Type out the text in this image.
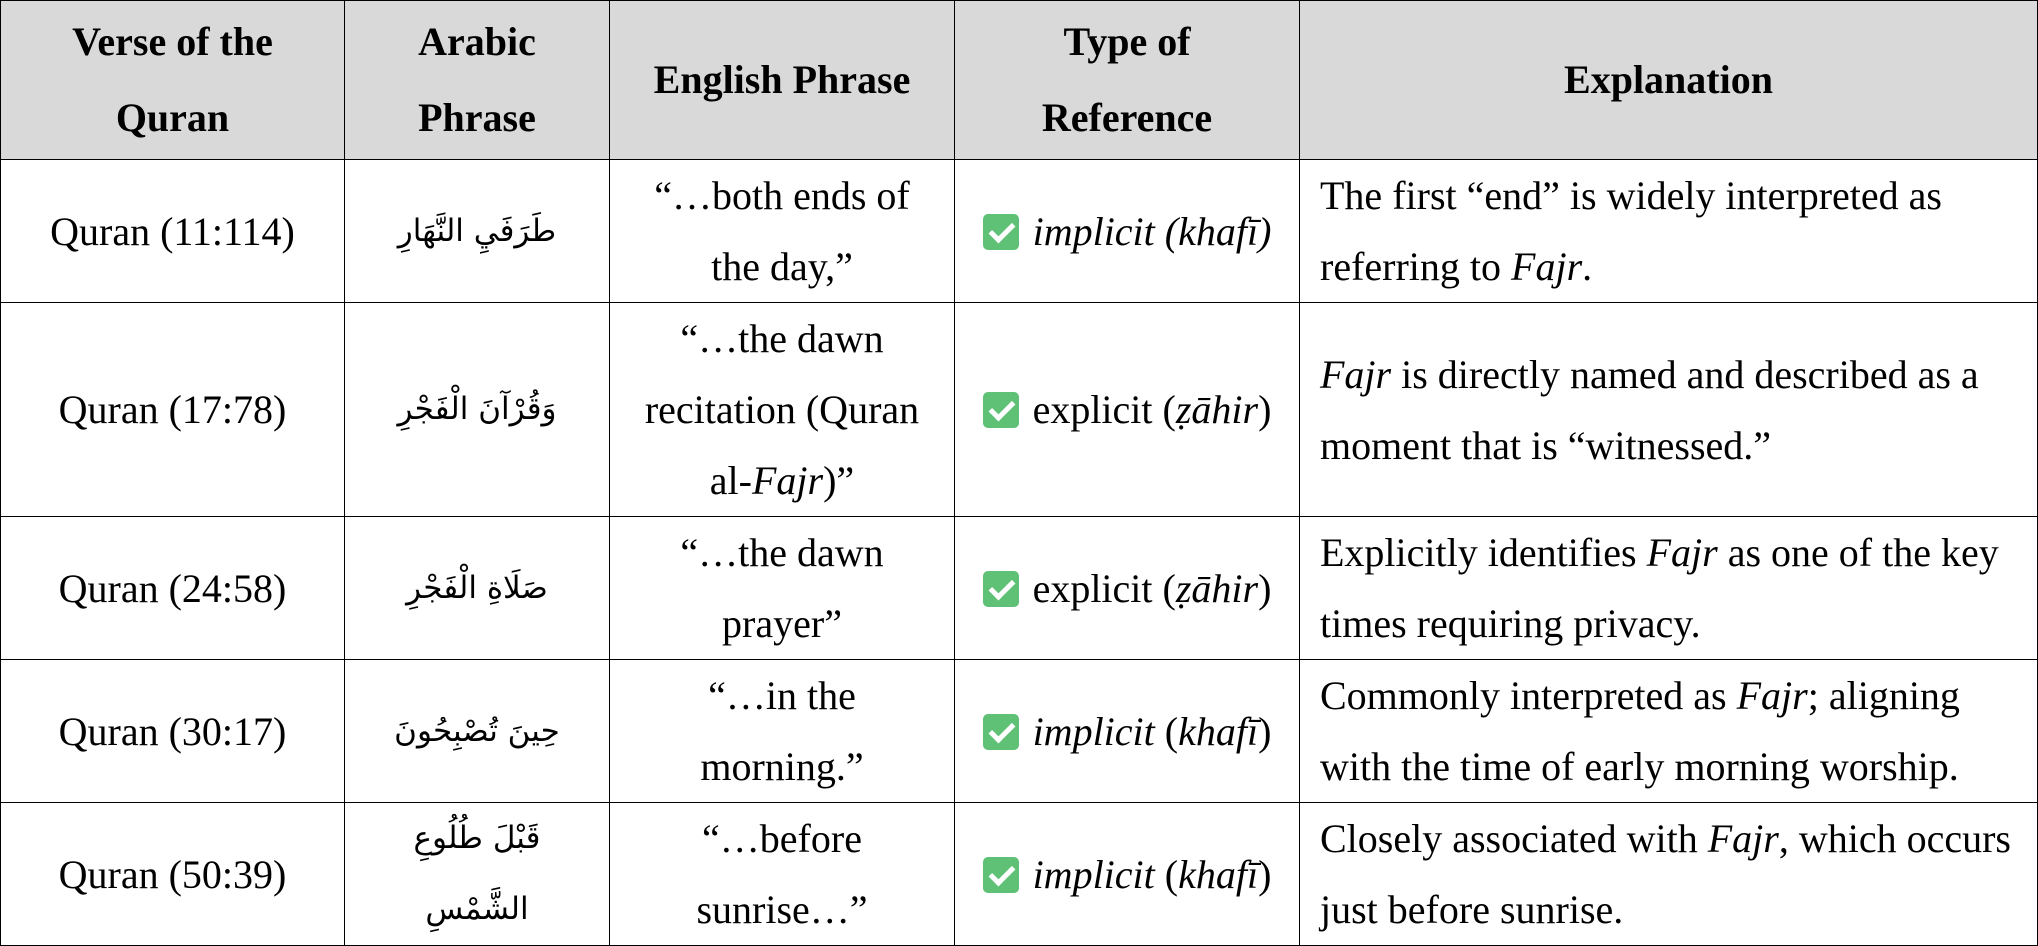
Verse of the Quran	Arabic Phrase	English Phrase	Type of Reference	Explanation
Quran (11:114)	طَرَفَيِ النَّهَارِ	“…both ends of the day,”	implicit (khafī)	The first “end” is widely interpreted as referring to Fajr.
Quran (17:78)	وَقُرْآنَ الْفَجْرِ	“…the dawn recitation (Quran al-Fajr)”	explicit (ẓāhir)	Fajr is directly named and described as a moment that is “witnessed.”
Quran (24:58)	صَلَاةِ الْفَجْرِ	“…the dawn prayer”	explicit (ẓāhir)	Explicitly identifies Fajr as one of the key times requiring privacy.
Quran (30:17)	حِينَ تُصْبِحُونَ	“…in the morning.”	implicit (khafī)	Commonly interpreted as Fajr; aligning with the time of early morning worship.
Quran (50:39)	قَبْلَ طُلُوعِ الشَّمْسِ	“…before sunrise…”	implicit (khafī)	Closely associated with Fajr, which occurs just before sunrise.
